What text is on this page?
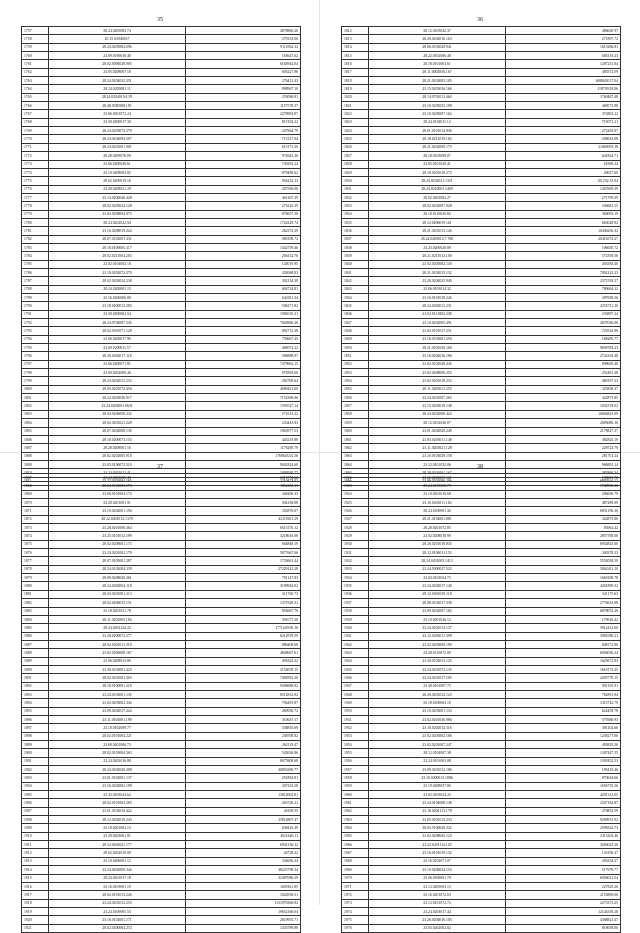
35
1757	28.24.0205082.74	4878860.20
1758	20.15.02840167	270133.06
1759	28.24.0205084.096	9111062.32
1760	23.09.0190018.40	165627.62
1761	28.02.5094028.905	6165944.04
1762	23.05.0208007.18	603227.96
1763	28.24.0204032.351	276413.43
1764	28.24.0205081.11	998967.10
1765	28.24.0204019.4.59	253086.81
1766	28.48.05805081.91	1157578.37
1767	23.06.0201072.24	2270903.87
1768	23.30.0200017.30	815102.22
1769	28.24.0203072.279	247964.79
1770	28.24.0204094.507	713127.94
1771	28.24.0201001.901	615171.30
1772	28.28.0209076.09	972643.26
1773	23.06.0200040.61	749292.24
1774	23.10.0208002.85	879498.62
1775	28.02.0200019.16	954222.13
1776	23.28.0208021.29	207596.06
1777	23.14.0200046.428	461307.29
1778	28.02.0205024.128	274216.29
1779	23.02.0208004.975	876657.38
1780	28.24.0202022.94	1724229.74
1781	23.16.0208019.224	262372.39
1782	28.07.0102001.331	380198.72
1783	28.18.0100005.317	1342759.46
1784	28.02.0211004.203	256132.76
1785	23.02.0104002.10	145019.95
1786	23.10.0202072.270	432068.83
1787	28.02.0202024.238	302134.38
1788	28.24.0200001.15	604734.81
1789	23.16.0206006.08	642011.34
1790	23.18.0200012.283	506271.82
1791	23.30.0200002.54	1982010.21
1792	28.24.0704007.545	7026966.26
1793	28.02.0301071.128	892712.38
1794	23.06.0200017.96	750667.45
1795	23.00.0200011.57	406972.22
1796	28.30.0202017.118	396888.97
1797	23.06.0200071.81	7479962.15
1798	23.00.0202000.46	872993.66
1799	28.24.0202012.233	282700.64
1800	28.05.0201072.456	2680421.60
1801	28.22.0203026.917	7152396.06
1802	23.24.0203001.0631	1591027.14
1803	28.04.0206050.232	571613.22
1804	28.02.0201021.228	233443.83
1805	28.07.0202008.139	1863977.53
1806	28.10.0200073.153	443219.88
1807	28.28.0208001.16	1176269.79
1808	28.02.0202005.918	1768643.02.56
1809	23.03.0106072.510	9041824.60
1810	23.24.0201012.41	1094938.77
1811	23.22.0201004.165	2210473.31
36
1812	28.12.0105042.37	486630.97
1813	28.28.0204016.163	271897.72
1814	28.06.0103028.941	1615266.81
1815	28.22.0102006.48	685119.23
1816	28.18.0101003.61	1287231.84
1817	28.11.0002056.167	485572.59
1818	28.21.0103005.105	1688658.37.04
1819	23.15.0203016.166	118709.93.06
1820	28.14.0701013.464	1760487.48
1821	23.10.0205025.198	468572.98
1822	23.10.0205007.162	372802.22
1823	28.24.0102011.12	715071.21
1824	28.01.0101014.940	272203.97
1825	28.18.0211018.182	208633.08
1826	28.21.0202009.175	21065093.18
1827	28.18.0103098.07	641824.71
1828	23.05.0101020.41	61969.24
1829	28.10.0201010.273	20027.60
1830	28.24.0102021.1351	101232.53.94
1831	28.24.0210001.1469	1267609.39
1832	28.02.0203002.27	271799.39
1833	28.02.0202007.028	536681.15
1834	28.10.0110020.84	360092.19
1835	28.12.0206019.161	663028.92
1836	28.21.0201013.126	10436256.32
1837	28.24.0200014.7.768	26416572.27
1838	23.25.0200020.08	106650.72
1839	28.21.0211012.100	572358.56
1840	23.02.0205002.130	263583.40
1841	28.21.0102015.132	7002122.23
1842	23.20.0204025.940	2371539.27
1843	23.06.0103014.32	780664.12
1844	23.16.0101018.226	287658.56
1845	28.24.0202011.231	2255711.20
1846	23.02.0111002.238	233897.24
1847	23.10.0202005.491	4037036.06
1848	23.02.0101017.251	723524.96
1849	23.16.0103001.256	168285.77
1850	28.21.0201020.160	9849783.23
1851	23.16.0204016.186	2724163.48
1852	23.02.0102028.445	898659.40
1853	23.02.0208008.255	252481.48
1854	23.02.0201018.233	480197.33
1855	28.11.0205012.255	325838.37
1856	23.24.0201007.265	422875.85
1857	23.15.0203019.148	1032378.02
1858	28.24.0202008.424	10664823.09
1859	28.12.0102026.07	2683080.16
1860	23.01.0202020.249	2178827.37
1861	23.05.0203011.148	382825.19
1862	23.11.0203021.128	228723.79
1863	23.10.0103029.158	281701.24
1864	23.12.0101032.06	966891.14
1865	28.28.0201001.167	382866.34
1866	23.06.0201006.206	6807634.22
37
1867	23.24.0205029.43	6913774.62
1868	28.24.0102003.173	1052631.11
1869	23.06.0101004.174	346206.33
1870	23.28.0201001.91	504158.08
1871	23.19.0202001.194	352876.07
1872	28.22.0401012.1378	42110611.29
1873	23.20.0201008.364	6515176.12
1874	23.25.0101012.199	3218616.08
1875	28.02.0208001.173	604848.19
1876	23.24.0201002.179	5877667.06
1877	28.07.0105001.287	1733661.44
1878	28.24.0102004.339	27229142.28
1879	28.09.0208026.261	701147.83
1880	28.24.0202004.118	3189944.02
1881	28.03.0201001.213	311760.73
1882	28.02.0206015.151	1371928.31
1883	23.18.0201021.78	854667.76
1884	28.11.0102005.184	301077.28
1885	28.24.0202124.22	1771629.06.16
1886	23.28.0200072.277	6212978.59
1887	28.02.0201011.310	886408.68
1888	23.02.0206008.167	4849067.61
1889	23.06.0208013.86	491822.22
1890	23.30.0103001.423	2153678.15
1891	28.02.0201001.303	7492991.20
1892	28.18.0100001.218	9306688.82
1893	23.24.0103001.135	8512812.92
1894	23.02.0203002.344	794495.87
1895	23.09.0202017.224	269930.72
1896	23.11.0104001.199	310637.17
1897	23.10.0102009.77	338810.69
1898	28.02.0101004.221	238708.82
1899	23.08.0201006.73	262119.47
1900	28.02.0103004.363	543636.86
1901	23.24.0202016.88	8675808.68
1902	28.24.0202026.208	40853290.77
1903	23.01.0102001.137	251894.81
1904	23.16.0202002.198	207233.28
1905	23.32.0103024.62	13012002.81
1906	28.02.0101003.283	263726.21
1907	23.01.0102014.422	26169.55
1908	28.12.0202010.243	35814807.47
1909	23.18.0201002.13	638416.49
1910	23.28.0203061.91	2611640.11
1911	28.12.0402021.177	6932136.12
1912	28.02.0202010.08	26738.22
1913	23.10.0206001.12	334656.24
1914	23.24.0402009.344	48225798.34
1915	28.24.0201017.18	32487086.29
1916	23.16.0103001.19	1605611.85
1917	28.02.0101013.226	1022938.51
1918	23.24.0201012.253	1131970366.82
1919	23.24.0100005.53	19652166.64
1920	23.16.0102001.171	2619955.71
1921	28.02.0200004.272	1435789.88
38
1922	23.02.0202005.121	108651.76
1923	28.24.0105008.79	1748906.56
1924	23.10.0201016.68	296656.79
1925	23.10.0201011.182	487289.09
1926	28.24.0100001.36	6851196.36
1927	28.21.0104001.881	324875.86
1928	28.28.0201072.85	83962.42
1929	23.02.0208018.99	2857768.08
1930	28.20.0201018.835	6954825.60
1931	28.12.0106011.153	340378.33
1932	28.24.0201005.1413	5552058.50
1933	23.24.0300027.523	5062411.10
1934	23.04.0102034.73	1665298.78
1935	23.24.0202017.140	4261899.32
1936	28.12.0301029.118	321175.63
1937	28.08.0102017.338	2776633.98
1938	23.09.0202007.182	6878052.26
1939	23.10.0201026.12	170916.42
1940	23.24.0201014.137	5912412.60
1941	23.12.0203011.398	3081080.21
1942	23.22.0203009.190	608172.96
1943	23.28.0110072.08	6056036.24
1944	23.30.0102013.125	1625672.83
1945	23.24.0201072.135	1610173.25
1946	23.24.0201017.105	2205778.15
1947	23.38.0101007.75	991195.91
1948	28.28.0201012.123	762891.94
1949	23.18.0100002.10	1315742.79
1950	23.10.0203001.133	622459.78
1951	23.02.0201036.986	579386.93
1952	23.10.0202012.116	381102.66
1953	23.02.0203002.186	1238277.06
1954	23.02.0201007.247	493829.26
1955	28.12.0104007.38	1307447.55
1956	23.24.0101003.08	1391852.53
1957	23.09.0201012.186	185419.46
1958	23.10.0200012.1086	870624.66
1959	23.19.0208037.86	1656735.36
1960	23.02.0103034.22	4201313.05
1961	23.24.0104008.148	2347182.87
1962	23.16.0204113.178	270852.59
1963	23.05.0201013.233	9290913.92
1964	28.05.0100020.332	2598322.73
1965	23.02.0208045.123	2315203.46
1966	23.22.0201114.120	3263023.26
1967	23.16.0101019.132	143190.47
1968	23.16.0102071.07	203334.37
1969	23.10.0206034.154	517978.77
1970	23.26.0100001.70	6056021.54
1971	23.12.0205003.13	227825.26
1972	23.16.0201072.03	2153869.06
1973	23.12.0101072.72	2273373.25
1974	23.24.0203017.44	12144339.28
1975	23.26.0204016.105	4368821.47
1976	23.03.0202002.02	818658.06
